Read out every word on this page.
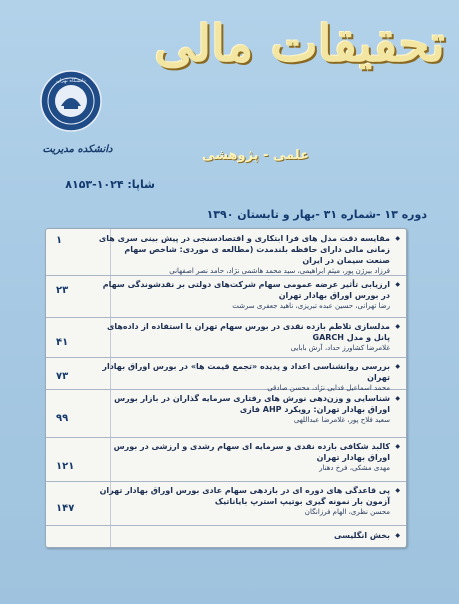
تحقیقات مالی
علمی - پژوهشی
دانشگاه تهران
دانشکده مدیریت
شاپا: ۱۰۲۴-۸۱۵۳
دوره ۱۳ -شماره ۳۱ -بهار و تابستان ۱۳۹۰
◆ مقایسه دقت مدل های فرا ابتکاری و اقتصادسنجی در پیش بینی سری های زمانی مالی دارای حافظه بلندمدت (مطالعه ی موردی: شاخص سهام صنعت سیمان در ایران
فرزاد بیرژن پور، میثم ابراهیمی، سید محمد هاشمی نژاد، حامد نصر اصفهانی
۱
◆ ارزیابی تأثیر عرضه عمومی سهام شرکت‌های دولتی بر نقدشوندگی سهام در بورس اوراق بهادار تهران
رضا تهرانی، حسین عبده تبریزی، ناهید جعفری سرشت
۲۳
◆ مدلسازی تلاطم بازده نقدی در بورس سهام تهران با استفاده از داده‌های پانل و مدل GARCH
غلامرضا کشاورز حداد، آرش بابایی
۴۱
◆ بررسی روانشناسی اعداد و پدیده «تجمع قیمت ها» در بورس اوراق بهادار تهران
محمد اسماعیل فدایی نژاد، محسن صادقی
۷۳
◆ شناسایی و وزن‌دهی نورش های رفتاری سرمایه گذاران در بازار بورس اوراق بهادار تهران: رویکرد AHP فازی
سعید فلاح پور، غلامرضا عبداللهی
۹۹
◆ کالبد شکافی بازده نقدی و سرمایه ای سهام رشدی و ارزشی در بورس اوراق بهادار تهران
مهدی مشکی، فرخ دهنار
۱۲۱
◆ پی قاعدگی های دوره ای در بازدهی سهام عادی بورس اوراق بهادار تهران آزمون بار نمونه گیری بوتیپ استرپ بایاناتیک
محسن نظری، الهام فرزانگان
۱۴۷
◆ بخش انگلیسی
